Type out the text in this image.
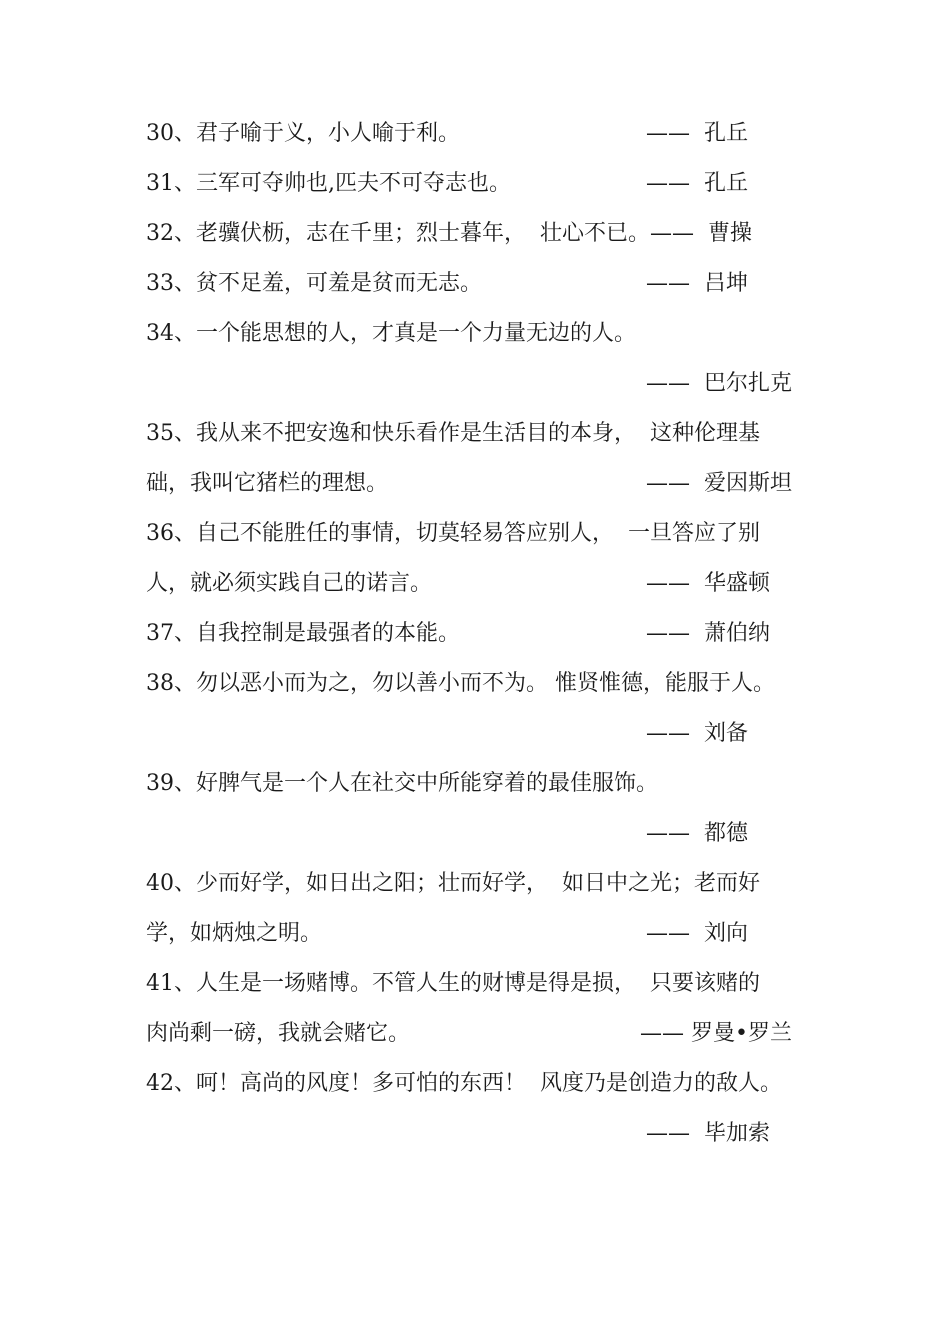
30、君子喻于义，小人喻于利。	——  孔丘
31、三军可夺帅也,匹夫不可夺志也。	——  孔丘
32、老骥伏枥，志在千里；烈士暮年，  壮心不已。——  曹操
33、贫不足羞，可羞是贫而无志。	——  吕坤
34、一个能思想的人，才真是一个力量无边的人。
——  巴尔扎克
35、我从来不把安逸和快乐看作是生活目的本身，  这种伦理基
础，我叫它猪栏的理想。	——  爱因斯坦
36、自己不能胜任的事情，切莫轻易答应别人，  一旦答应了别
人，就必须实践自己的诺言。	——  华盛顿
37、自我控制是最强者的本能。	——  萧伯纳
38、勿以恶小而为之，勿以善小而不为。 惟贤惟德，能服于人。
——  刘备
39、好脾气是一个人在社交中所能穿着的最佳服饰。
——  都德
40、少而好学，如日出之阳；壮而好学，  如日中之光；老而好
学，如炳烛之明。	——  刘向
41、人生是一场赌博。不管人生的财博是得是损，  只要该赌的
肉尚剩一磅，我就会赌它。	—— 罗曼•罗兰
42、呵！高尚的风度！多可怕的东西！  风度乃是创造力的敌人。
——  毕加索
